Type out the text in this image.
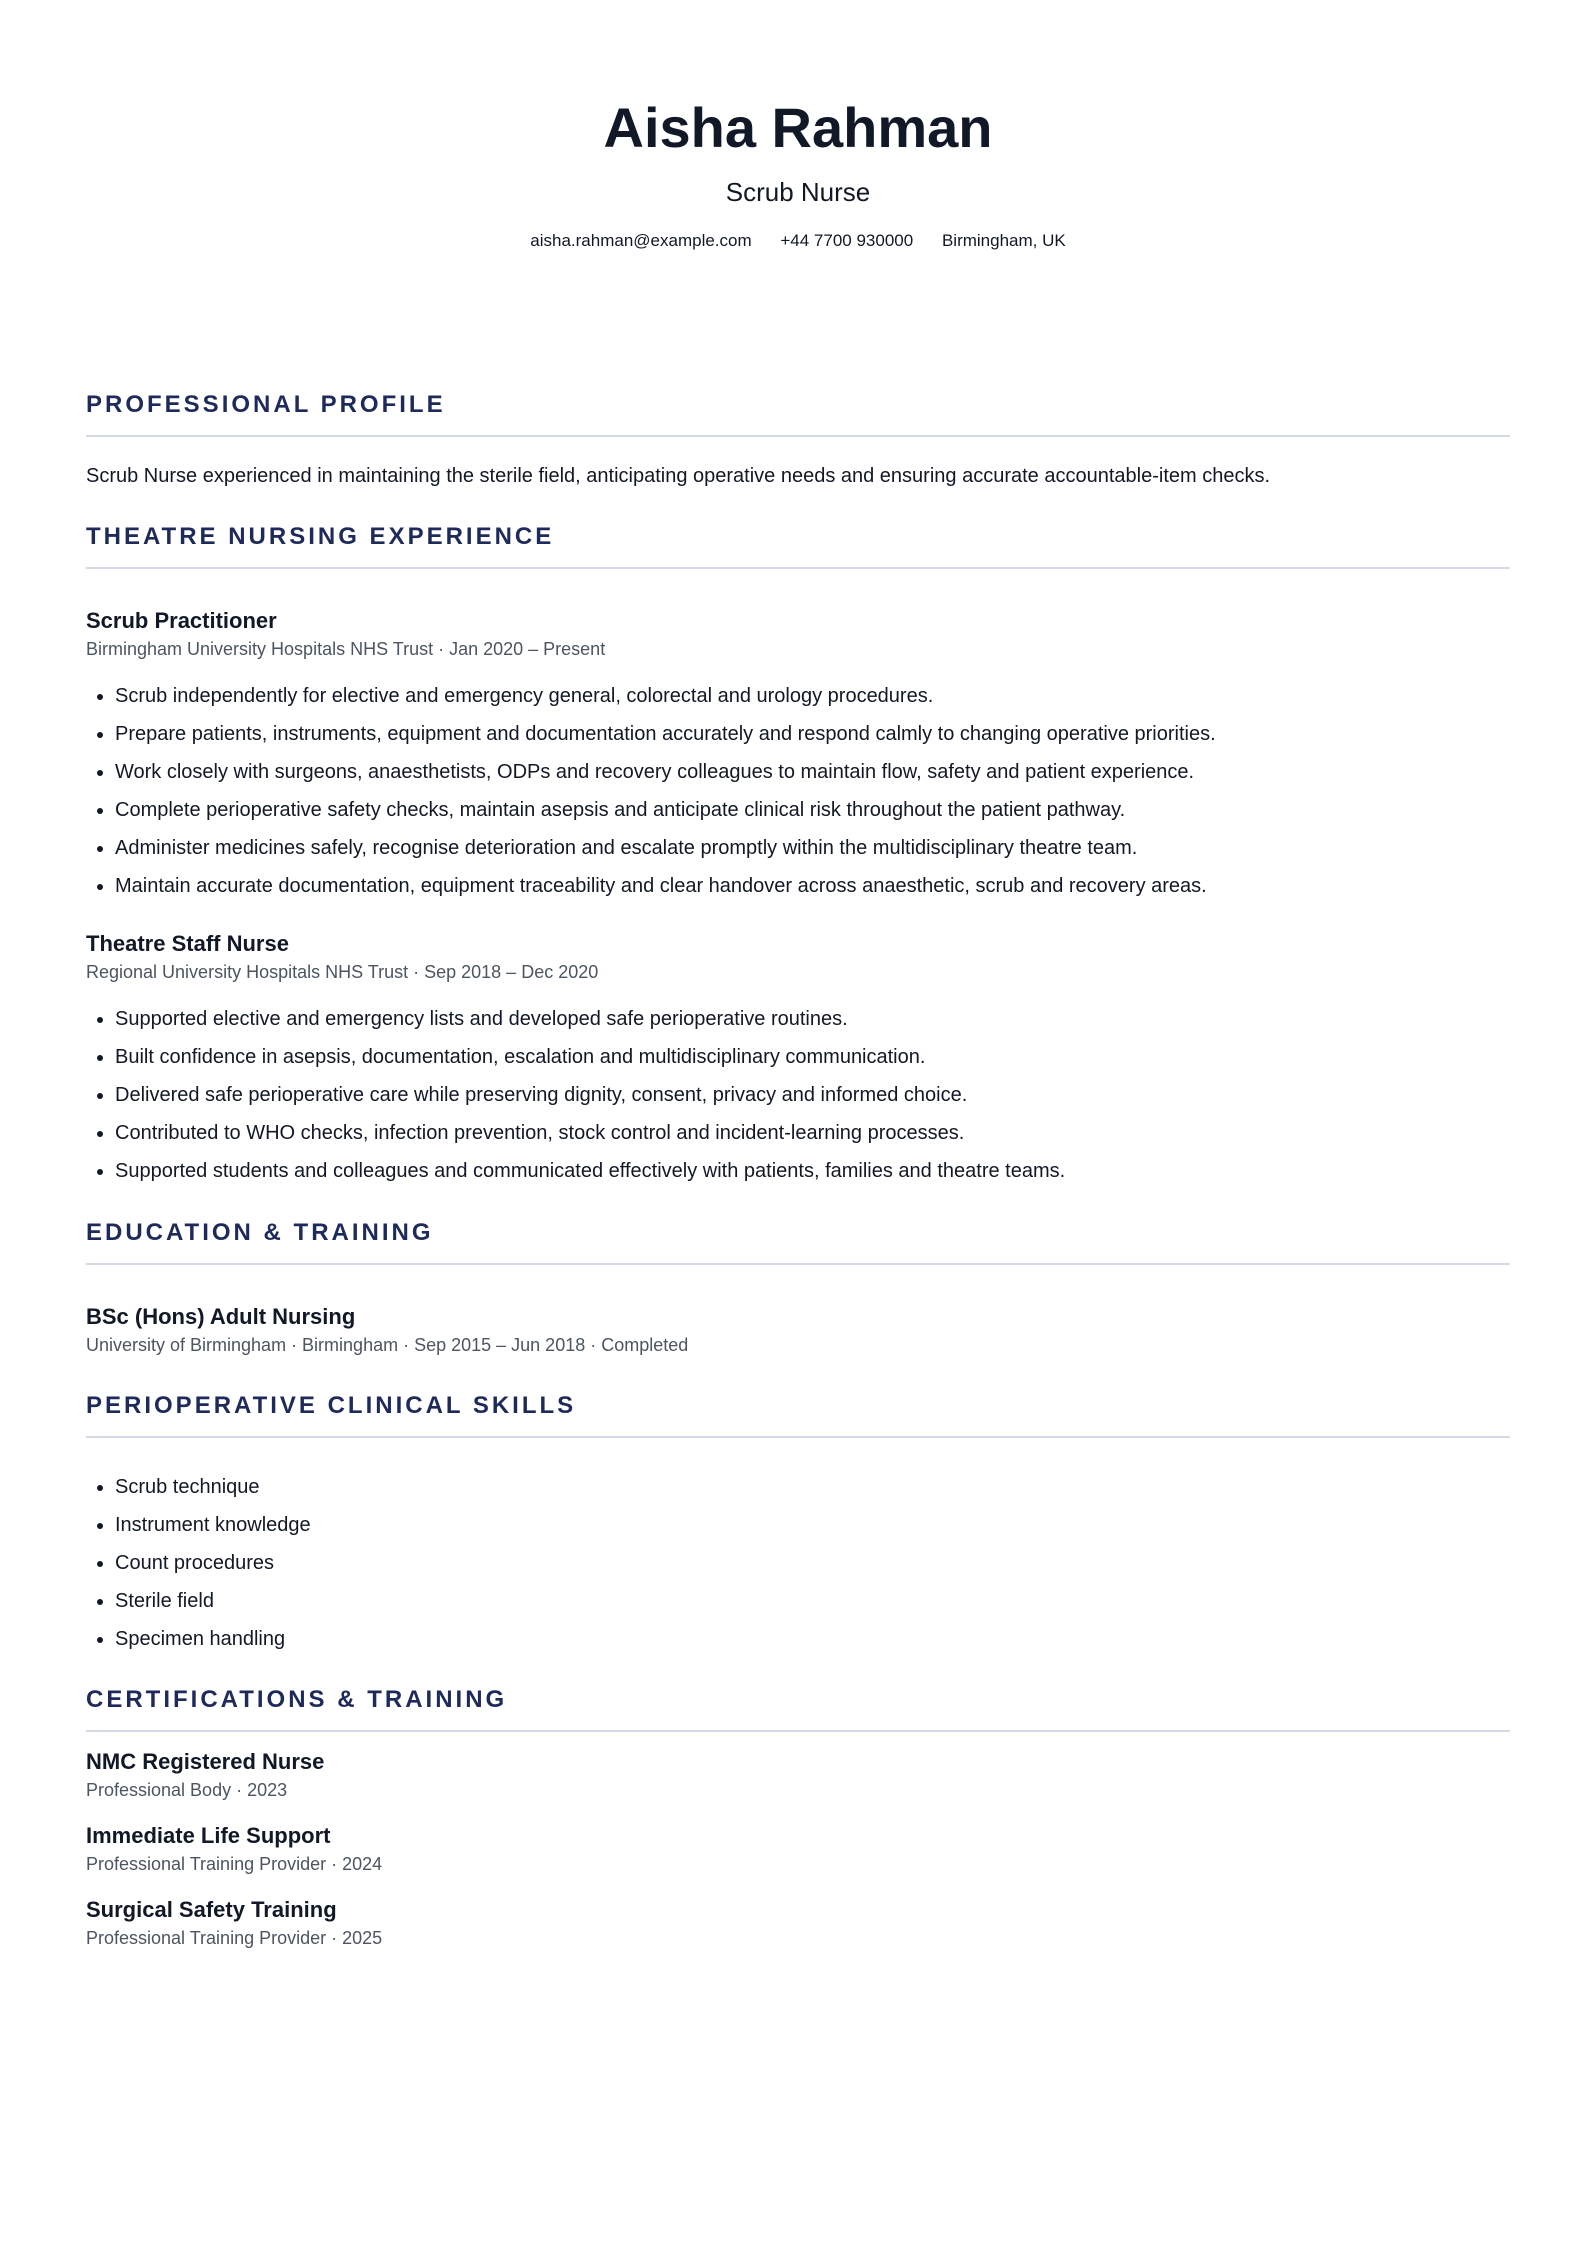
Aisha Rahman
Scrub Nurse
aisha.rahman@example.com +44 7700 930000 Birmingham, UK
PROFESSIONAL PROFILE
Scrub Nurse experienced in maintaining the sterile field, anticipating operative needs and ensuring accurate accountable-item checks.
THEATRE NURSING EXPERIENCE
Scrub Practitioner
Birmingham University Hospitals NHS Trust · Jan 2020 – Present
• Scrub independently for elective and emergency general, colorectal and urology procedures.
• Prepare patients, instruments, equipment and documentation accurately and respond calmly to changing operative priorities.
• Work closely with surgeons, anaesthetists, ODPs and recovery colleagues to maintain flow, safety and patient experience.
• Complete perioperative safety checks, maintain asepsis and anticipate clinical risk throughout the patient pathway.
• Administer medicines safely, recognise deterioration and escalate promptly within the multidisciplinary theatre team.
• Maintain accurate documentation, equipment traceability and clear handover across anaesthetic, scrub and recovery areas.
Theatre Staff Nurse
Regional University Hospitals NHS Trust · Sep 2018 – Dec 2020
• Supported elective and emergency lists and developed safe perioperative routines.
• Built confidence in asepsis, documentation, escalation and multidisciplinary communication.
• Delivered safe perioperative care while preserving dignity, consent, privacy and informed choice.
• Contributed to WHO checks, infection prevention, stock control and incident-learning processes.
• Supported students and colleagues and communicated effectively with patients, families and theatre teams.
EDUCATION & TRAINING
BSc (Hons) Adult Nursing
University of Birmingham · Birmingham · Sep 2015 – Jun 2018 · Completed
PERIOPERATIVE CLINICAL SKILLS
• Scrub technique
• Instrument knowledge
• Count procedures
• Sterile field
• Specimen handling
CERTIFICATIONS & TRAINING
NMC Registered Nurse
Professional Body · 2023
Immediate Life Support
Professional Training Provider · 2024
Surgical Safety Training
Professional Training Provider · 2025
